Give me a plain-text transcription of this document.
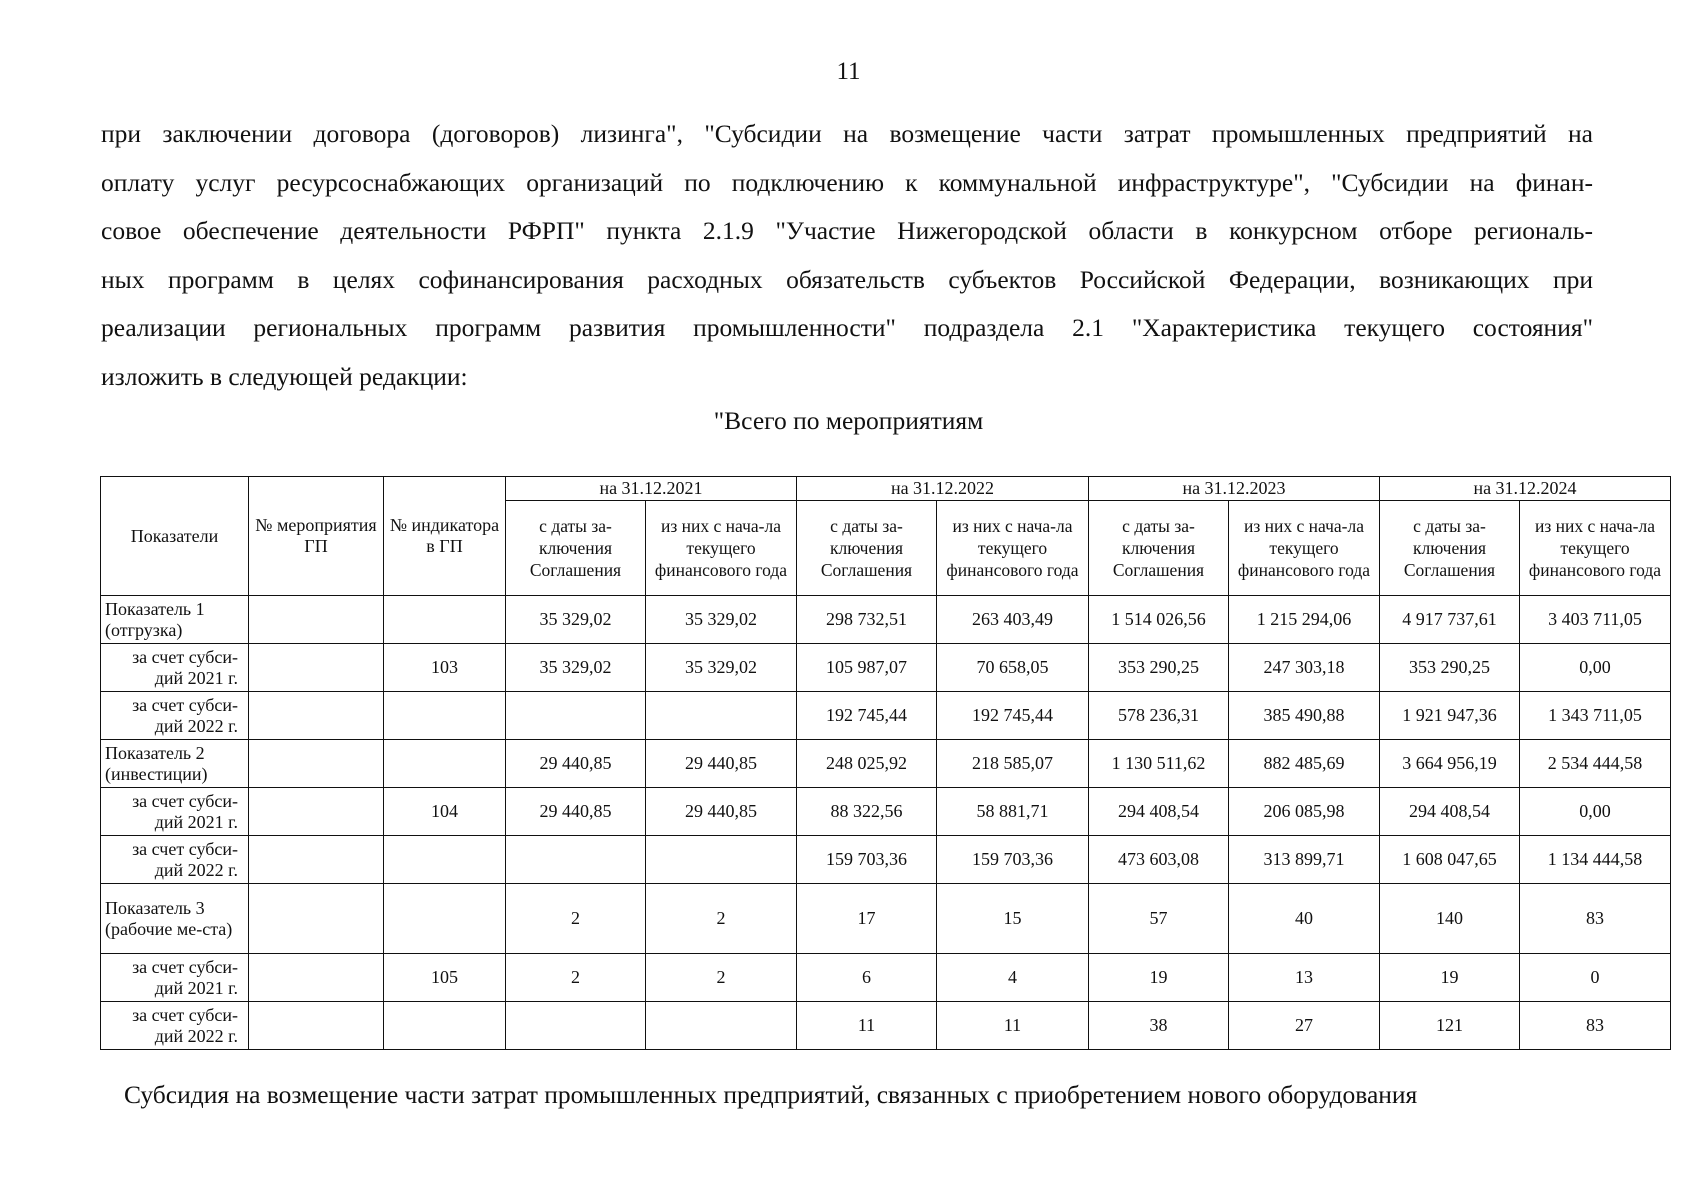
11
при заключении договора (договоров) лизинга", "Субсидии на возмещение части затрат промышленных предприятий на
оплату услуг ресурсоснабжающих организаций по подключению к коммунальной инфраструктуре", "Субсидии на финан-
совое обеспечение деятельности РФРП" пункта 2.1.9 "Участие Нижегородской области в конкурсном отборе региональ-
ных программ в целях софинансирования расходных обязательств субъектов Российской Федерации, возникающих при
реализации региональных программ развития промышленности" подраздела 2.1 "Характеристика текущего состояния"
изложить в следующей редакции:
"Всего по мероприятиям
Показатели	№ мероприятия ГП	№ индикатора в ГП	на 31.12.2021		на 31.12.2022		на 31.12.2023		на 31.12.2024	
			с даты за-ключения Соглашения	из них с нача-ла текущего финансового года	с даты за-ключения Соглашения	из них с нача-ла текущего финансового года	с даты за-ключения Соглашения	из них с нача-ла текущего финансового года	с даты за-ключения Соглашения	из них с нача-ла текущего финансового года
Показатель 1 (отгрузка)			35 329,02	35 329,02	298 732,51	263 403,49	1 514 026,56	1 215 294,06	4 917 737,61	3 403 711,05
за счет субси-дий 2021 г.		103	35 329,02	35 329,02	105 987,07	70 658,05	353 290,25	247 303,18	353 290,25	0,00
за счет субси-дий 2022 г.					192 745,44	192 745,44	578 236,31	385 490,88	1 921 947,36	1 343 711,05
Показатель 2 (инвестиции)			29 440,85	29 440,85	248 025,92	218 585,07	1 130 511,62	882 485,69	3 664 956,19	2 534 444,58
за счет субси-дий 2021 г.		104	29 440,85	29 440,85	88 322,56	58 881,71	294 408,54	206 085,98	294 408,54	0,00
за счет субси-дий 2022 г.					159 703,36	159 703,36	473 603,08	313 899,71	1 608 047,65	1 134 444,58
Показатель 3 (рабочие ме-ста)			2	2	17	15	57	40	140	83
за счет субси-дий 2021 г.		105	2	2	6	4	19	13	19	0
за счет субси-дий 2022 г.					11	11	38	27	121	83
Субсидия на возмещение части затрат промышленных предприятий, связанных с приобретением нового оборудования
